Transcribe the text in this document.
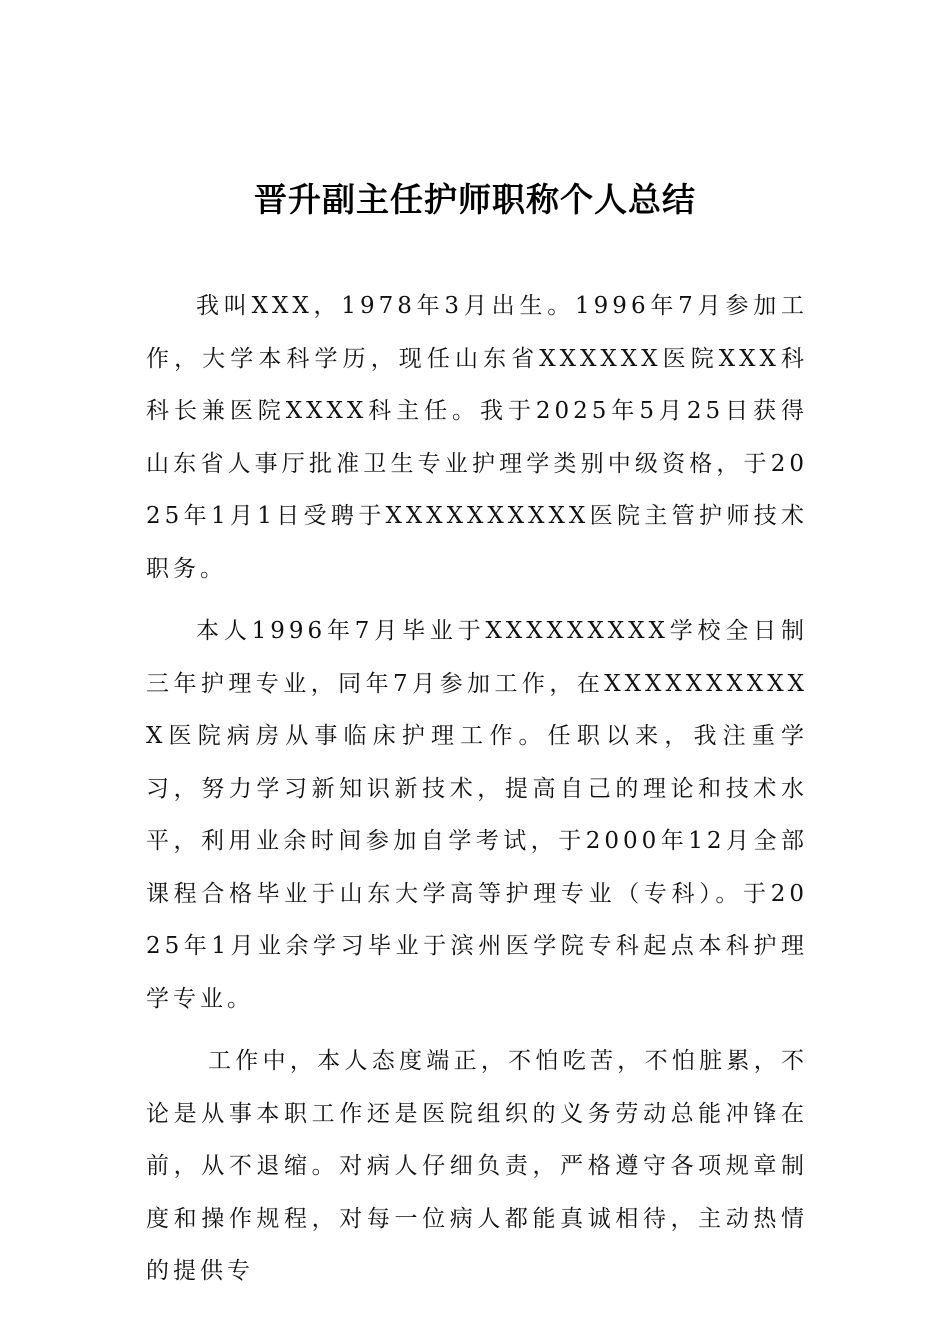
晋升副主任护师职称个人总结

我叫XXX，1978年3月出生。1996年7月参加工作，大学本科学历，现任山东省XXXXXX医院XXX科科长兼医院XXXX科主任。我于2025年5月25日获得山东省人事厅批准卫生专业护理学类别中级资格，于2025年1月1日受聘于XXXXXXXXXX医院主管护师技术职务。

本人1996年7月毕业于XXXXXXXXX学校全日制三年护理专业，同年7月参加工作，在XXXXXXXXXXX医院病房从事临床护理工作。任职以来，我注重学习，努力学习新知识新技术，提高自己的理论和技术水平，利用业余时间参加自学考试，于2000年12月全部课程合格毕业于山东大学高等护理专业（专科）。于2025年1月业余学习毕业于滨州医学院专科起点本科护理学专业。

工作中，本人态度端正，不怕吃苦，不怕脏累，不论是从事本职工作还是医院组织的义务劳动总能冲锋在前，从不退缩。对病人仔细负责，严格遵守各项规章制度和操作规程，对每一位病人都能真诚相待，主动热情的提供专
